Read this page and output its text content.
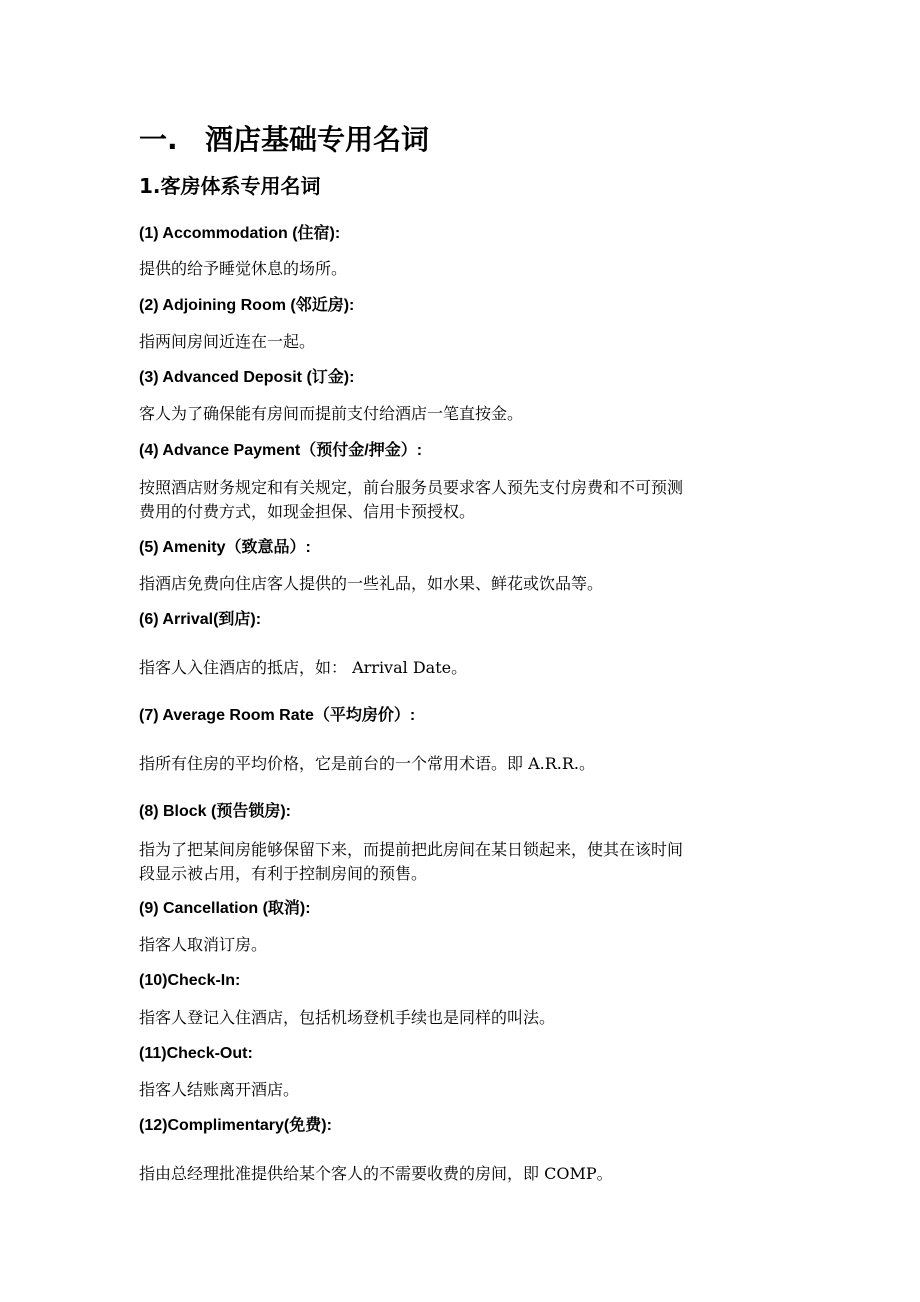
一. 酒店基础专用名词
1.客房体系专用名词
(1) Accommodation (住宿):
提供的给予睡觉休息的场所。
(2) Adjoining Room (邻近房):
指两间房间近连在一起。
(3) Advanced Deposit (订金):
客人为了确保能有房间而提前支付给酒店一笔直按金。
(4) Advance Payment（预付金/押金）:
按照酒店财务规定和有关规定，前台服务员要求客人预先支付房费和不可预测
费用的付费方式，如现金担保、信用卡预授权。
(5) Amenity（致意品）:
指酒店免费向住店客人提供的一些礼品，如水果、鲜花或饮品等。
(6) Arrival(到店):
指客人入住酒店的抵店，如： Arrival Date。
(7) Average Room Rate（平均房价）:
指所有住房的平均价格，它是前台的一个常用术语。即 A.R.R.。
(8) Block (预告锁房):
指为了把某间房能够保留下来，而提前把此房间在某日锁起来，使其在该时间
段显示被占用，有利于控制房间的预售。
(9) Cancellation (取消):
指客人取消订房。
(10)Check-In:
指客人登记入住酒店，包括机场登机手续也是同样的叫法。
(11)Check-Out:
指客人结账离开酒店。
(12)Complimentary(免费):
指由总经理批准提供给某个客人的不需要收费的房间，即 COMP。
